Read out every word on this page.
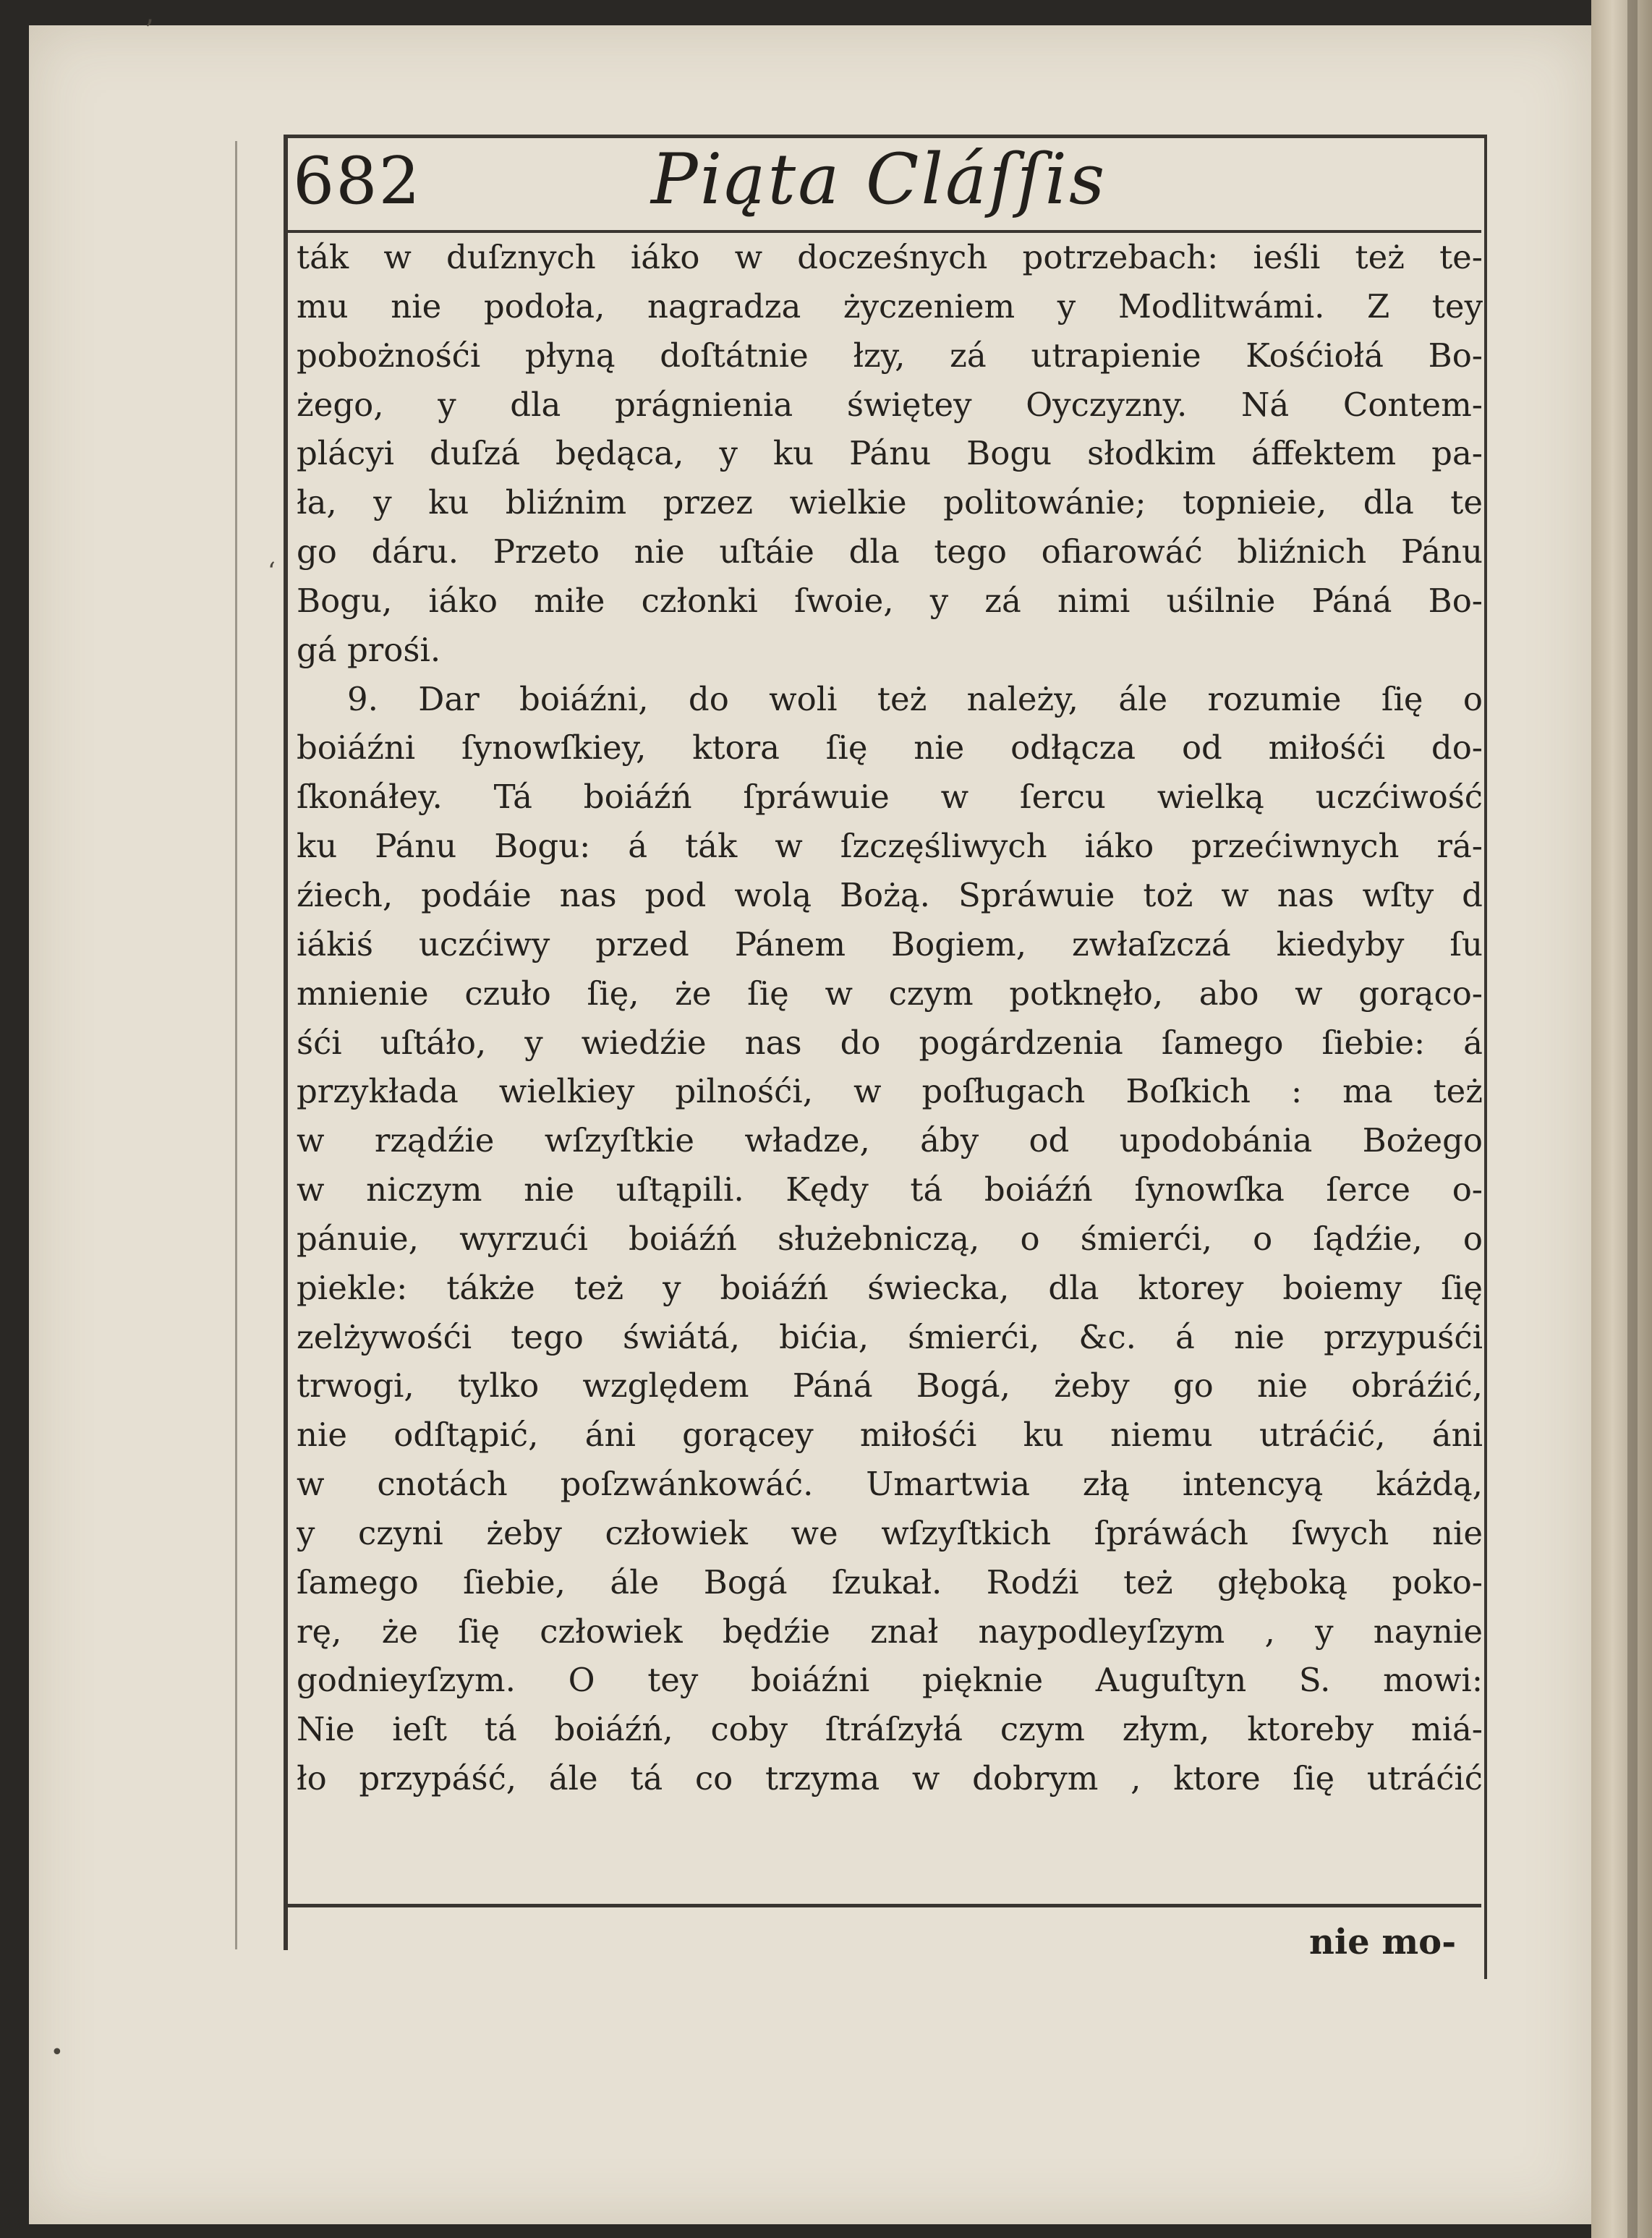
’
‘
•
682	Piąta Cláſſis
ták w duſznych iáko w docześnych potrzebach: ieśli też te-
mu nie podoła, nagradza życzeniem y Modlitwámi. Z tey
pobożnośći płyną doſtátnie łzy, zá utrapienie Kośćiołá Bo-
żego, y dla prágnienia świętey Oyczyzny. Ná Contem-
plácyi duſzá będąca, y ku Pánu Bogu słodkim áffektem pa-
ła, y ku bliźnim przez wielkie politowánie; topnieie, dla te
go dáru. Przeto nie uſtáie dla tego ofiarowáć bliźnich Pánu
Bogu, iáko miłe członki ſwoie, y zá nimi uśilnie Páná Bo-
gá prośi.
9. Dar boiáźni, do woli też należy, ále rozumie ſię o
boiáźni ſynowſkiey, ktora ſię nie odłącza od miłośći do-
ſkonáłey. Tá boiáźń ſpráwuie w ſercu wielką uczćiwość
ku Pánu Bogu: á ták w ſzczęśliwych iáko przećiwnych rá-
źiech, podáie nas pod wolą Bożą. Spráwuie toż w nas wſty d
iákiś uczćiwy przed Pánem Bogiem, zwłaſzczá kiedyby ſu
mnienie czuło ſię, że ſię w czym potknęło, abo w gorąco-
śći uſtáło, y wiedźie nas do pogárdzenia ſamego ſiebie: á
przykłada wielkiey pilnośći, w poſługach Boſkich : ma też
w rządźie wſzyſtkie władze, áby od upodobánia Bożego
w niczym nie uſtąpili. Kędy tá boiáźń ſynowſka ſerce o-
pánuie, wyrzući boiáźń służebniczą, o śmierći, o ſądźie, o
piekle: tákże też y boiáźń świecka, dla ktorey boiemy ſię
zelżywośći tego świátá, bićia, śmierći, &c. á nie przypuśći
trwogi, tylko względem Páná Bogá, żeby go nie obráźić,
nie odſtąpić, áni gorącey miłośći ku niemu utráćić, áni
w cnotách poſzwánkowáć. Umartwia złą intencyą káżdą,
y czyni żeby człowiek we wſzyſtkich ſpráwách ſwych nie
ſamego ſiebie, ále Bogá ſzukał. Rodźi też głęboką poko-
rę, że ſię człowiek będźie znał naypodleyſzym , y naynie
godnieyſzym. O tey boiáźni pięknie Auguſtyn S. mowi:
Nie ieſt tá boiáźń, coby ſtráſzyłá czym złym, ktoreby miá-
ło przypáść, ále tá co trzyma w dobrym , ktore ſię utráćić
nie mo-
